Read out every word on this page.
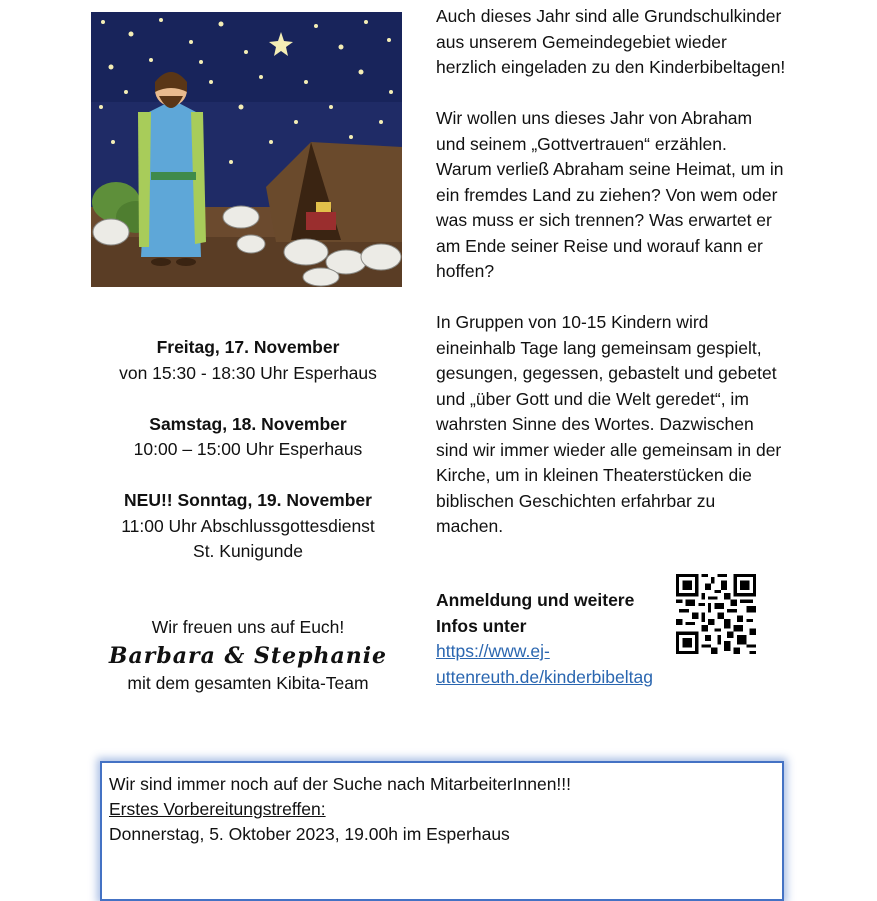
Auch dieses Jahr sind alle Grundschulkinder aus unserem Gemeindegebiet wieder herzlich eingeladen zu den Kinderbibeltagen!

Wir wollen uns dieses Jahr von Abraham und seinem „Gottvertrauen“ erzählen. Warum verließ Abraham seine Heimat, um in ein fremdes Land zu ziehen? Von wem oder was muss er sich trennen? Was erwartet er am Ende seiner Reise und worauf kann er hoffen?

In Gruppen von 10-15 Kindern wird eineinhalb Tage lang gemeinsam gespielt, gesungen, gegessen, gebastelt und gebetet und „über Gott und die Welt geredet“, im wahrsten Sinne des Wortes. Dazwischen sind wir immer wieder alle gemeinsam in der Kirche, um in kleinen Theaterstücken die biblischen Geschichten erfahrbar zu machen.

Freitag, 17. November
von 15:30 - 18:30 Uhr Esperhaus
Samstag, 18. November
10:00 – 15:00 Uhr Esperhaus
NEU!! Sonntag, 19. November
11:00 Uhr Abschlussgottesdienst
St. Kunigunde
Wir freuen uns auf Euch!
Barbara & Stephanie
mit dem gesamten Kibita-Team
Anmeldung und weitere
Infos unter
https://www.ej-
uttenreuth.de/kinderbibeltag
Wir sind immer noch auf der Suche nach MitarbeiterInnen!!!
Erstes Vorbereitungstreffen:
Donnerstag, 5. Oktober 2023, 19.00h im Esperhaus
